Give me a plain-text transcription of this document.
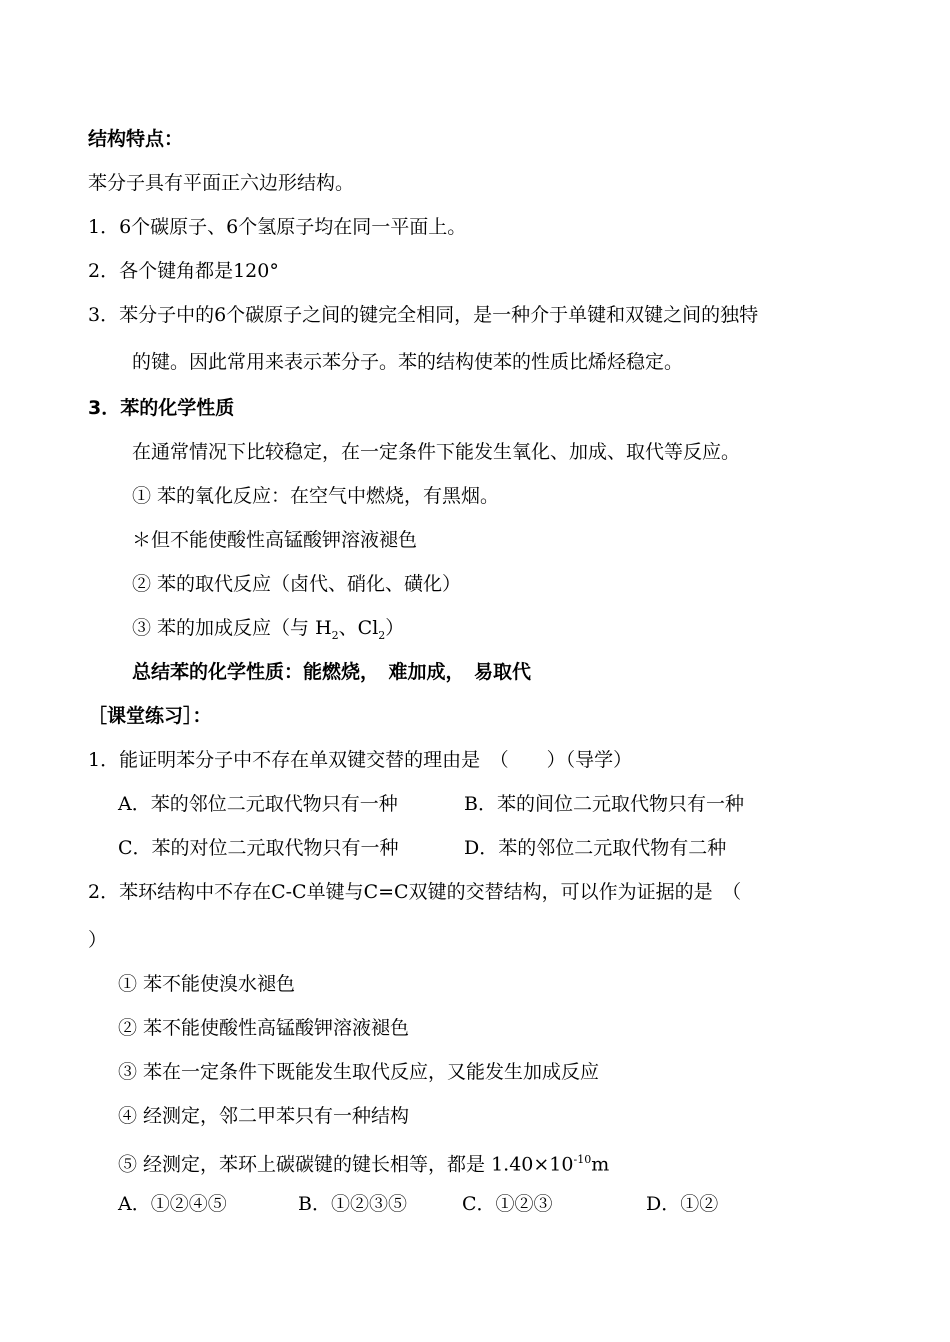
结构特点：
苯分子具有平面正六边形结构。
1．6个碳原子、6个氢原子均在同一平面上。
2．各个键角都是120°
3．苯分子中的6个碳原子之间的键完全相同，是一种介于单键和双键之间的独特
的键。因此常用来表示苯分子。苯的结构使苯的性质比烯烃稳定。
3．苯的化学性质
在通常情况下比较稳定，在一定条件下能发生氧化、加成、取代等反应。
① 苯的氧化反应：在空气中燃烧，有黑烟。
＊但不能使酸性高锰酸钾溶液褪色
② 苯的取代反应（卤代、硝化、磺化）
③ 苯的加成反应（与 $H_2$、$Cl_2$）
总结苯的化学性质：能燃烧，　难加成，　易取代
［课堂练习］：
1．能证明苯分子中不存在单双键交替的理由是　（　　）（导学）
A．苯的邻位二元取代物只有一种	B．苯的间位二元取代物只有一种
C．苯的对位二元取代物只有一种	D．苯的邻位二元取代物有二种
2．苯环结构中不存在C-C单键与C=C双键的交替结构，可以作为证据的是　（
）
① 苯不能使溴水褪色
② 苯不能使酸性高锰酸钾溶液褪色
③ 苯在一定条件下既能发生取代反应，又能发生加成反应
④ 经测定，邻二甲苯只有一种结构
⑤ 经测定，苯环上碳碳键的键长相等，都是 $1.40\times 10^{-10}m$
A．①②④⑤	B．①②③⑤	C．①②③	D．①②
